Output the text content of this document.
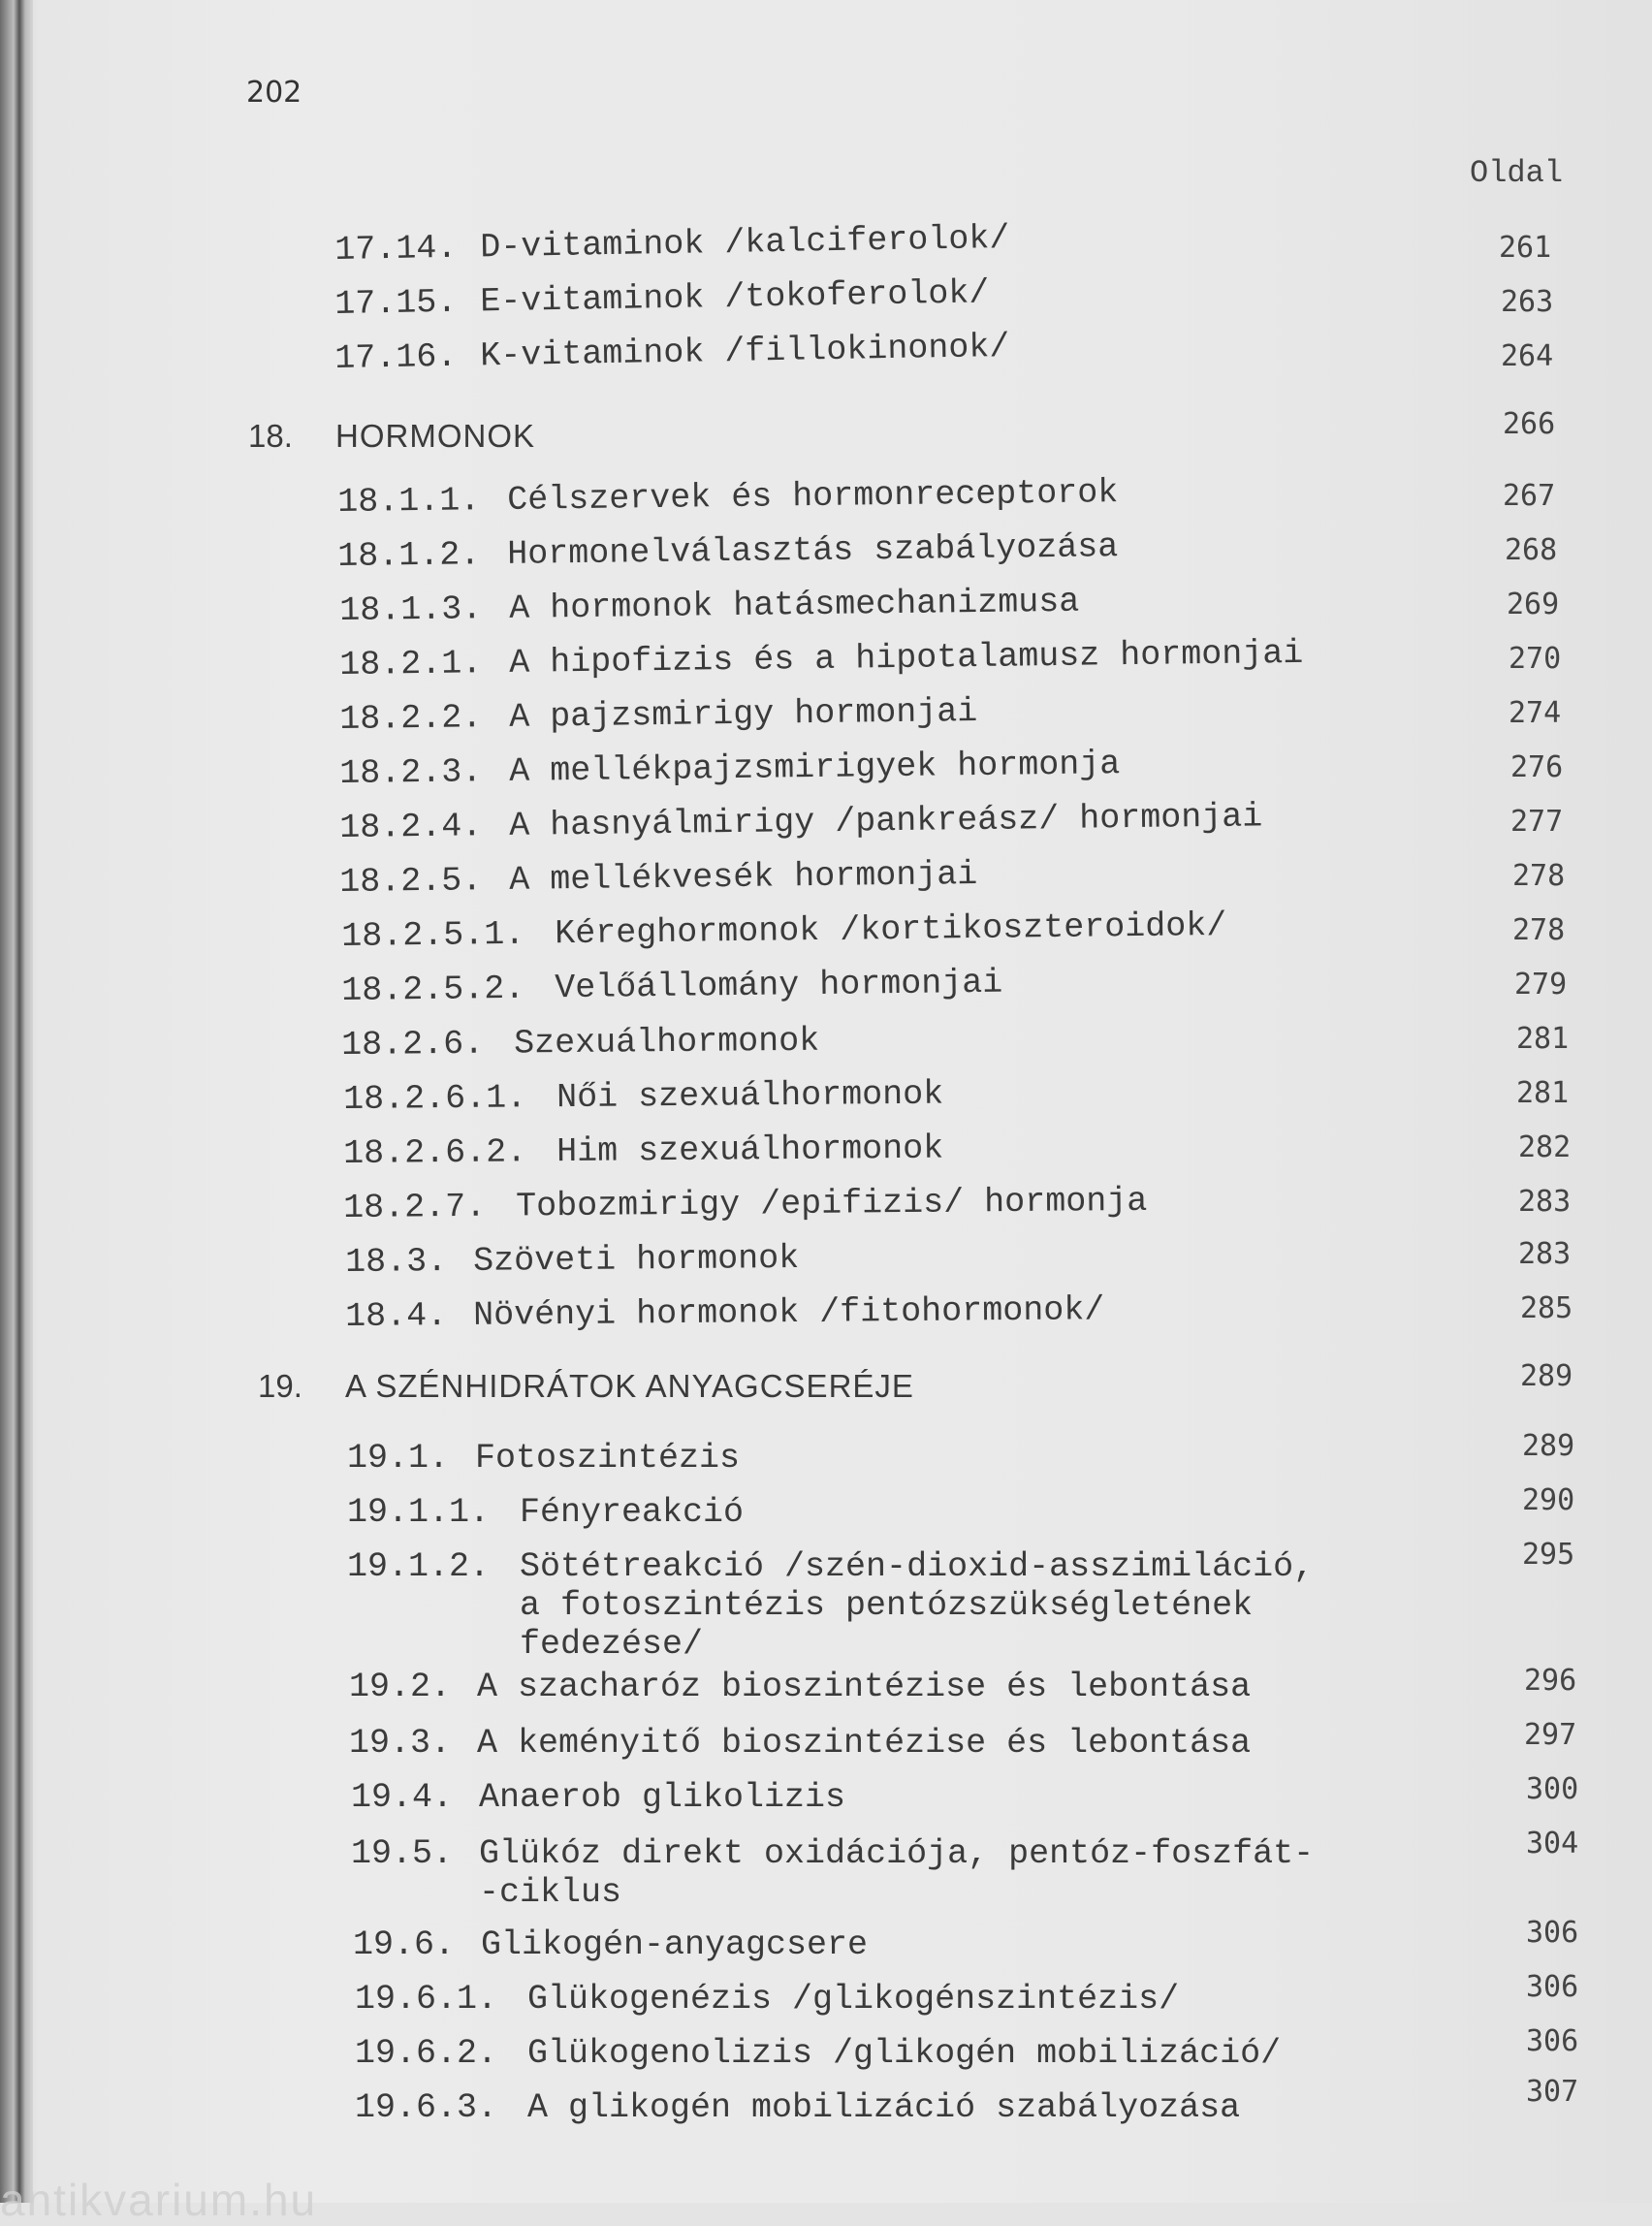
202
Oldal
17.14. D-vitaminok /kalciferolok/	261
17.15. E-vitaminok /tokoferolok/	263
17.16. K-vitaminok /fillokinonok/	264
18. HORMONOK	266
18.1.1. Célszervek és hormonreceptorok	267
18.1.2. Hormonelválasztás szabályozása	268
18.1.3. A hormonok hatásmechanizmusa	269
18.2.1. A hipofizis és a hipotalamusz hormonjai	270
18.2.2. A pajzsmirigy hormonjai	274
18.2.3. A mellékpajzsmirigyek hormonja	276
18.2.4. A hasnyálmirigy /pankreász/ hormonjai	277
18.2.5. A mellékvesék hormonjai	278
18.2.5.1. Kéreghormonok /kortikoszteroidok/	278
18.2.5.2. Velőállomány hormonjai	279
18.2.6. Szexuálhormonok	281
18.2.6.1. Női szexuálhormonok	281
18.2.6.2. Him szexuálhormonok	282
18.2.7. Tobozmirigy /epifizis/ hormonja	283
18.3. Szöveti hormonok	283
18.4. Növényi hormonok /fitohormonok/	285
19. A SZÉNHIDRÁTOK ANYAGCSERÉJE	289
19.1. Fotoszintézis	289
19.1.1. Fényreakció	290
19.1.2. Sötétreakció /szén-dioxid-asszimiláció,
a fotoszintézis pentózszükségletének
fedezése/
295
19.2. A szacharóz bioszintézise és lebontása	296
19.3. A keményitő bioszintézise és lebontása	297
19.4. Anaerob glikolizis	300
19.5. Glükóz direkt oxidációja, pentóz-foszfát-
-ciklus
304
19.6. Glikogén-anyagcsere	306
19.6.1. Glükogenézis /glikogénszintézis/	306
19.6.2. Glükogenolizis /glikogén mobilizáció/	306
19.6.3. A glikogén mobilizáció szabályozása	307
antikvarium.hu
